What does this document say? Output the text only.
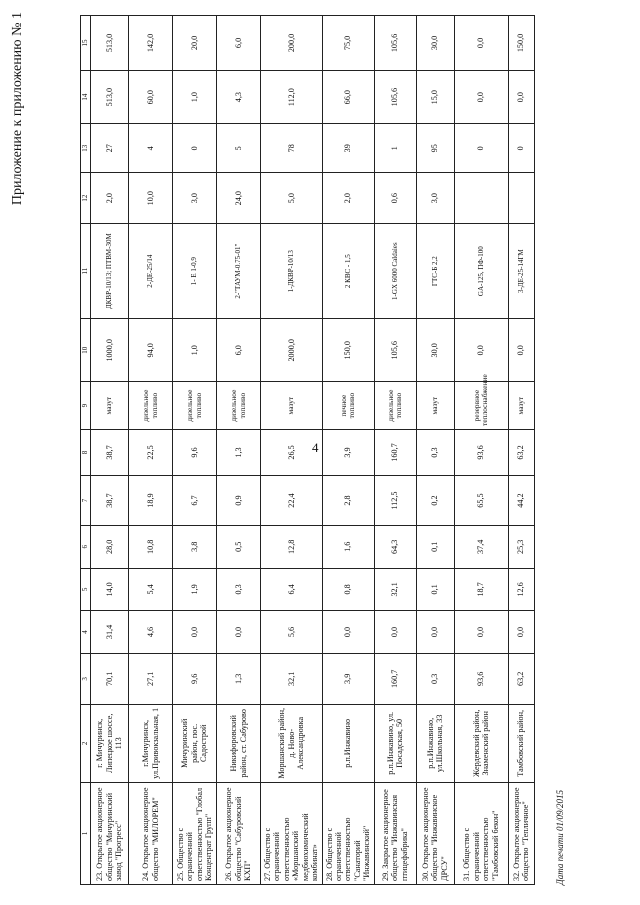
Приложение к приложению № 1
1	2	3	4	5	6	7	8	9	10	11	12	13	14	15
23. Открытое акционерное общество "Мичуринский завод "Прогресс"	г. Мичуринск, Липецкое шоссе, 113	70,1	31,4	14,0	28,0	38,7	38,7	мазут	1000,0	ДКВР-10/13; ПТВМ-30М	2,0	27	513,0	513,0
24. Открытое акционерное общество "МИЛОРЕМ"	г.Мичуринск, ул.Привокзальная, 1	27,1	4,6	5,4	10,8	18,9	22,5	дизельное топливо	94,0	2-ДЕ-25/14	10,0	4	60,0	142,0
25. Общество с ограниченной ответственностью "Глобал Концентрат Групп"	Мичуринский район, пос. Садострой	9,6	0,0	1,9	3,8	6,7	9,6	дизельное топливо	1,0	1- Е 1-0,9	3,0	0	1,0	20,0
26. Открытое акционерное общество "Сабуровский КХП"	Никифоровский район, ст. Сабурово	1,3	0,0	0,3	0,5	0,9	1,3	дизельное топливо	6,0	2-"ТАУМ-0.75-01"	24,0	5	4,3	6,0
27. Общество с ограниченной ответственностью «Моршанский медбиохимический комбинат»	Моршанский район, д. Ново-Александровка	32,1	5,6	6,4	12,8	22,4	26,5	мазут	2000,0	1-ДКВР-10/13	5,0	78	112,0	200,0
28. Общество с ограниченной ответственностью "Санаторий "Инжавинский"	р.п.Инжавино	3,9	0,0	0,8	1,6	2,8	3,9	печное топливо	150,0	2 КВС - 1,5	2,0	39	66,0	75,0
29. Закрытое акционерное общество "Инжавинская птицефабрика"	р.п.Инжавино, ул. Посадская, 50	160,7	0,0	32,1	64,3	112,5	160,7	дизельное топливо	105,6	1-GX 6000 Caldaies	0,6	1	105,6	105,6
30. Открытое акционерное общество "Инжавинское ДРСУ"	р.п.Инжавино, ул.Школьная, 33	0,3	0,0	0,1	0,1	0,2	0,3	мазут	30,0	ГТС-Б 2,2	3,0	95	15,0	30,0
31. Общество с ограниченной ответственностью "Тамбовский бекон"	Жердевский район, Знаменский район	93,6	0,0	18,7	37,4	65,5	93,6	резервное теплоснабжение	0,0	GA-125, ПФ-100		0	0,0	0,0
32. Открытое акционерное общество "Тепличное"	Тамбовский район,	63,2	0,0	12,6	25,3	44,2	63,2	мазут	0,0	3-ДЕ-25-14ГМ		0	0,0	150,0
Дата печати 01/09/2015
4
